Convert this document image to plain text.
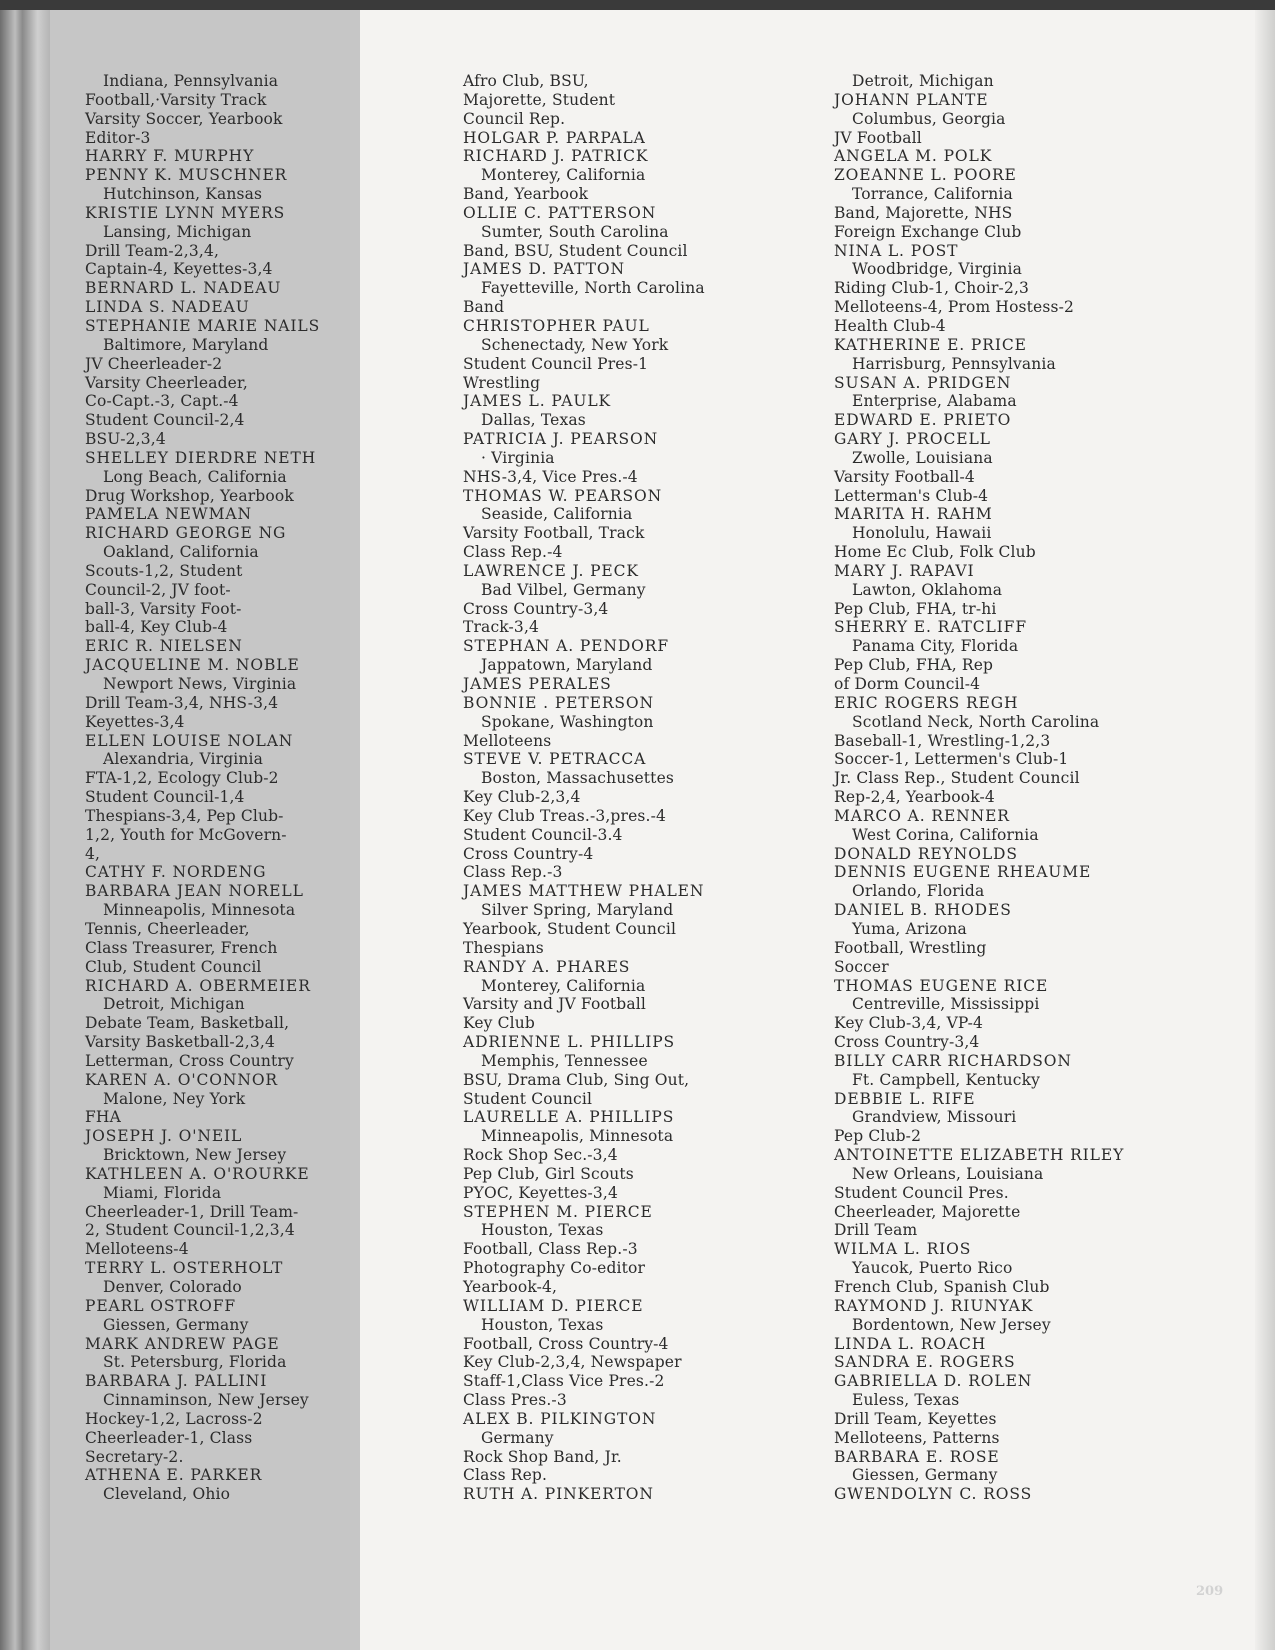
Indiana, Pennsylvania
Football,·Varsity Track
Varsity Soccer, Yearbook
Editor-3
HARRY F. MURPHY
PENNY K. MUSCHNER
Hutchinson, Kansas
KRISTIE LYNN MYERS
Lansing, Michigan
Drill Team-2,3,4,
Captain-4, Keyettes-3,4
BERNARD L. NADEAU
LINDA S. NADEAU
STEPHANIE MARIE NAILS
Baltimore, Maryland
JV Cheerleader-2
Varsity Cheerleader,
Co-Capt.-3, Capt.-4
Student Council-2,4
BSU-2,3,4
SHELLEY DIERDRE NETH
Long Beach, California
Drug Workshop, Yearbook
PAMELA NEWMAN
RICHARD GEORGE NG
Oakland, California
Scouts-1,2, Student
Council-2, JV foot-
ball-3, Varsity Foot-
ball-4, Key Club-4
ERIC R. NIELSEN
JACQUELINE M. NOBLE
Newport News, Virginia
Drill Team-3,4, NHS-3,4
Keyettes-3,4
ELLEN LOUISE NOLAN
Alexandria, Virginia
FTA-1,2, Ecology Club-2
Student Council-1,4
Thespians-3,4, Pep Club-
1,2, Youth for McGovern-
4,
CATHY F. NORDENG
BARBARA JEAN NORELL
Minneapolis, Minnesota
Tennis, Cheerleader,
Class Treasurer, French
Club, Student Council
RICHARD A. OBERMEIER
Detroit, Michigan
Debate Team, Basketball,
Varsity Basketball-2,3,4
Letterman, Cross Country
KAREN A. O'CONNOR
Malone, Ney York
FHA
JOSEPH J. O'NEIL
Bricktown, New Jersey
KATHLEEN A. O'ROURKE
Miami, Florida
Cheerleader-1, Drill Team-
2, Student Council-1,2,3,4
Melloteens-4
TERRY L. OSTERHOLT
Denver, Colorado
PEARL OSTROFF
Giessen, Germany
MARK ANDREW PAGE
St. Petersburg, Florida
BARBARA J. PALLINI
Cinnaminson, New Jersey
Hockey-1,2, Lacross-2
Cheerleader-1, Class
Secretary-2.
ATHENA E. PARKER
Cleveland, Ohio
Afro Club, BSU,
Majorette, Student
Council Rep.
HOLGAR P. PARPALA
RICHARD J. PATRICK
Monterey, California
Band, Yearbook
OLLIE C. PATTERSON
Sumter, South Carolina
Band, BSU, Student Council
JAMES D. PATTON
Fayetteville, North Carolina
Band
CHRISTOPHER PAUL
Schenectady, New York
Student Council Pres-1
Wrestling
JAMES L. PAULK
Dallas, Texas
PATRICIA J. PEARSON
· Virginia
NHS-3,4, Vice Pres.-4
THOMAS W. PEARSON
Seaside, California
Varsity Football, Track
Class Rep.-4
LAWRENCE J. PECK
Bad Vilbel, Germany
Cross Country-3,4
Track-3,4
STEPHAN A. PENDORF
Jappatown, Maryland
JAMES PERALES
BONNIE . PETERSON
Spokane, Washington
Melloteens
STEVE V. PETRACCA
Boston, Massachusettes
Key Club-2,3,4
Key Club Treas.-3,pres.-4
Student Council-3.4
Cross Country-4
Class Rep.-3
JAMES MATTHEW PHALEN
Silver Spring, Maryland
Yearbook, Student Council
Thespians
RANDY A. PHARES
Monterey, California
Varsity and JV Football
Key Club
ADRIENNE L. PHILLIPS
Memphis, Tennessee
BSU, Drama Club, Sing Out,
Student Council
LAURELLE A. PHILLIPS
Minneapolis, Minnesota
Rock Shop Sec.-3,4
Pep Club, Girl Scouts
PYOC, Keyettes-3,4
STEPHEN M. PIERCE
Houston, Texas
Football, Class Rep.-3
Photography Co-editor
Yearbook-4,
WILLIAM D. PIERCE
Houston, Texas
Football, Cross Country-4
Key Club-2,3,4, Newspaper
Staff-1,Class Vice Pres.-2
Class Pres.-3
ALEX B. PILKINGTON
Germany
Rock Shop Band, Jr.
Class Rep.
RUTH A. PINKERTON
Detroit, Michigan
JOHANN PLANTE
Columbus, Georgia
JV Football
ANGELA M. POLK
ZOEANNE L. POORE
Torrance, California
Band, Majorette, NHS
Foreign Exchange Club
NINA L. POST
Woodbridge, Virginia
Riding Club-1, Choir-2,3
Melloteens-4, Prom Hostess-2
Health Club-4
KATHERINE E. PRICE
Harrisburg, Pennsylvania
SUSAN A. PRIDGEN
Enterprise, Alabama
EDWARD E. PRIETO
GARY J. PROCELL
Zwolle, Louisiana
Varsity Football-4
Letterman's Club-4
MARITA H. RAHM
Honolulu, Hawaii
Home Ec Club, Folk Club
MARY J. RAPAVI
Lawton, Oklahoma
Pep Club, FHA, tr-hi
SHERRY E. RATCLIFF
Panama City, Florida
Pep Club, FHA, Rep
of Dorm Council-4
ERIC ROGERS REGH
Scotland Neck, North Carolina
Baseball-1, Wrestling-1,2,3
Soccer-1, Lettermen's Club-1
Jr. Class Rep., Student Council
Rep-2,4, Yearbook-4
MARCO A. RENNER
West Corina, California
DONALD REYNOLDS
DENNIS EUGENE RHEAUME
Orlando, Florida
DANIEL B. RHODES
Yuma, Arizona
Football, Wrestling
Soccer
THOMAS EUGENE RICE
Centreville, Mississippi
Key Club-3,4, VP-4
Cross Country-3,4
BILLY CARR RICHARDSON
Ft. Campbell, Kentucky
DEBBIE L. RIFE
Grandview, Missouri
Pep Club-2
ANTOINETTE ELIZABETH RILEY
New Orleans, Louisiana
Student Council Pres.
Cheerleader, Majorette
Drill Team
WILMA L. RIOS
Yaucok, Puerto Rico
French Club, Spanish Club
RAYMOND J. RIUNYAK
Bordentown, New Jersey
LINDA L. ROACH
SANDRA E. ROGERS
GABRIELLA D. ROLEN
Euless, Texas
Drill Team, Keyettes
Melloteens, Patterns
BARBARA E. ROSE
Giessen, Germany
GWENDOLYN C. ROSS
209
